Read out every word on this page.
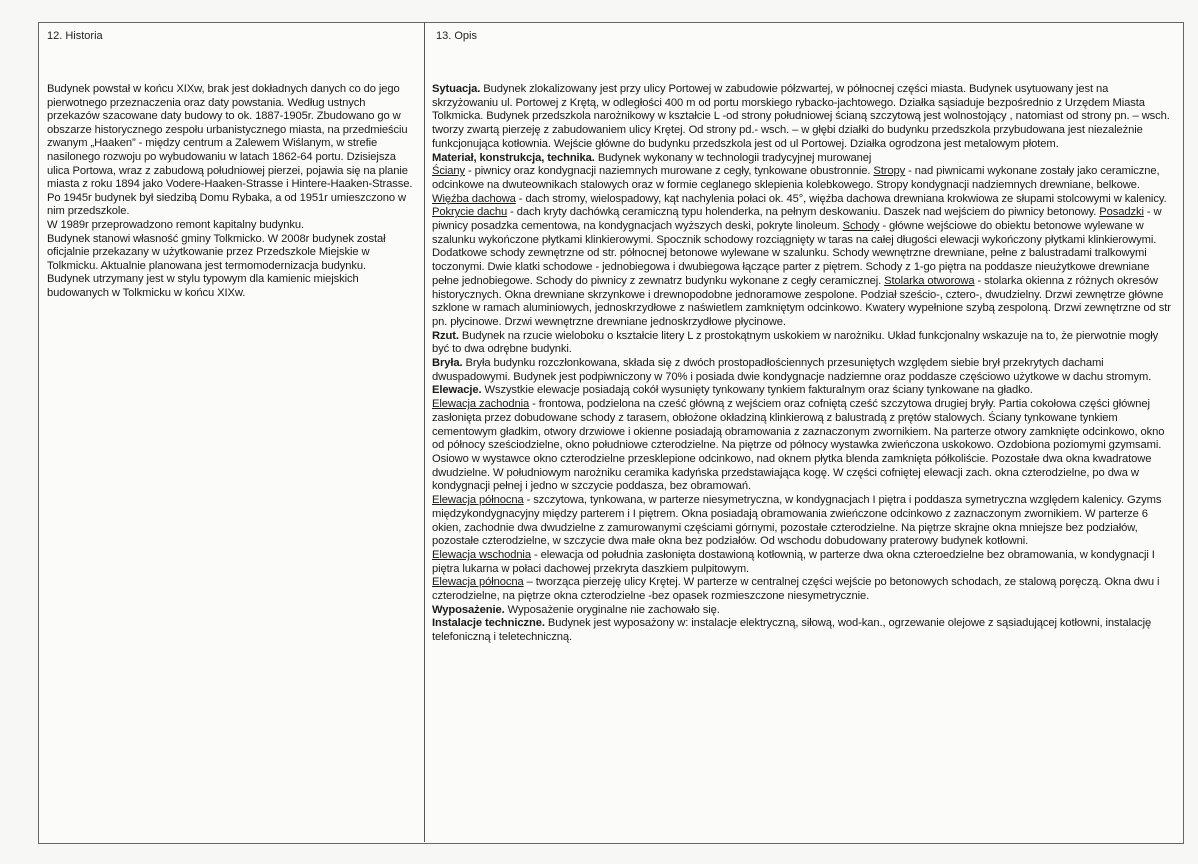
12. Historia	13. Opis

Budynek powstał w końcu XIXw, brak jest dokładnych danych co do jego pierwotnego przeznaczenia oraz daty powstania. Według ustnych przekazów szacowane daty budowy to ok. 1887-1905r. Zbudowano go w obszarze historycznego zespołu urbanistycznego miasta, na przedmieściu zwanym „Haaken” - między centrum a Zalewem Wiślanym, w strefie nasilonego rozwoju po wybudowaniu w latach 1862-64 portu. Dzisiejsza ulica Portowa, wraz z zabudową południowej pierzei, pojawia się na planie miasta z roku 1894 jako Vodere-Haaken-Strasse i Hintere-Haaken-Strasse. Po 1945r budynek był siedzibą Domu Rybaka, a od 1951r umieszczono w nim przedszkole.

W 1989r przeprowadzono remont kapitalny budynku.

Budynek stanowi własność gminy Tolkmicko. W 2008r budynek został oficjalnie przekazany w użytkowanie przez Przedszkole Miejskie w Tolkmicku. Aktualnie planowana jest termomodernizacja budynku.

Budynek utrzymany jest w stylu typowym dla kamienic miejskich budowanych w Tolkmicku w końcu XIXw.

Sytuacja. Budynek zlokalizowany jest przy ulicy Portowej w zabudowie półzwartej, w północnej części miasta. Budynek usytuowany jest na skrzyżowaniu ul. Portowej z Krętą, w odległości 400 m od portu morskiego rybacko-jachtowego. Działka sąsiaduje bezpośrednio z Urzędem Miasta Tolkmicka. Budynek przedszkola narożnikowy w kształcie L -od strony południowej ścianą szczytową jest wolnostojący , natomiast od strony pn. – wsch. tworzy zwartą pierzeję z zabudowaniem ulicy Krętej. Od strony pd.- wsch. – w głębi działki do budynku przedszkola przybudowana jest niezależnie funkcjonująca kotłownia. Wejście główne do budynku przedszkola jest od ul Portowej. Działka ogrodzona jest metalowym płotem.

Materiał, konstrukcja, technika. Budynek wykonany w technologii tradycyjnej murowanej

Ściany - piwnicy oraz kondygnacji naziemnych murowane z cegły, tynkowane obustronnie. Stropy - nad piwnicami wykonane zostały jako ceramiczne, odcinkowe na dwuteownikach stalowych oraz w formie ceglanego sklepienia kolebkowego. Stropy kondygnacji nadziemnych drewniane, belkowe. Więźba dachowa - dach stromy, wielospadowy, kąt nachylenia połaci ok. 45°, więźba dachowa drewniana krokwiowa ze słupami stolcowymi w kalenicy. Pokrycie dachu - dach kryty dachówką ceramiczną typu holenderka, na pełnym deskowaniu. Daszek nad wejściem do piwnicy betonowy. Posadzki - w piwnicy posadzka cementowa, na kondygnacjach wyższych deski, pokryte linoleum. Schody - główne wejściowe do obiektu betonowe wylewane w szalunku wykończone płytkami klinkierowymi. Spocznik schodowy rozciągnięty w taras na całej długości elewacji wykończony płytkami klinkierowymi. Dodatkowe schody zewnętrzne od str. północnej betonowe wylewane w szalunku. Schody wewnętrzne drewniane, pełne z balustradami tralkowymi toczonymi. Dwie klatki schodowe - jednobiegowa i dwubiegowa łączące parter z piętrem. Schody z 1-go piętra na poddasze nieużytkowe drewniane pełne jednobiegowe. Schody do piwnicy z zewnatrz budynku wykonane z cegły ceramicznej. Stolarka otworowa - stolarka okienna z różnych okresów historycznych. Okna drewniane skrzynkowe i drewnopodobne jednoramowe zespolone. Podział sześcio-, cztero-, dwudzielny. Drzwi zewnętrze główne szklone w ramach aluminiowych, jednoskrzydłowe z naświetlem zamkniętym odcinkowo. Kwatery wypełnione szybą zespoloną. Drzwi zewnętrzne od str pn. płycinowe. Drzwi wewnętrzne drewniane jednoskrzydłowe płycinowe.

Rzut. Budynek na rzucie wieloboku o kształcie litery L z prostokątnym uskokiem w narożniku. Układ funkcjonalny wskazuje na to, że pierwotnie mogły być to dwa odrębne budynki.

Bryła. Bryła budynku rozczłonkowana, składa się z dwóch prostopadłościennych przesuniętych względem siebie brył przekrytych dachami dwuspadowymi. Budynek jest podpiwniczony w 70% i posiada dwie kondygnacje nadziemne oraz poddasze częściowo użytkowe w dachu stromym.

Elewacje. Wszystkie elewacje posiadają cokół wysunięty tynkowany tynkiem fakturalnym oraz ściany tynkowane na gładko.

Elewacja zachodnia - frontowa, podzielona na cześć główną z wejściem oraz cofniętą cześć szczytowa drugiej bryły. Partia cokołowa części głównej zasłonięta przez dobudowane schody z tarasem, obłożone okładziną klinkierową z balustradą z prętów stalowych. Ściany tynkowane tynkiem cementowym gładkim, otwory drzwiowe i okienne posiadają obramowania z zaznaczonym zwornikiem. Na parterze otwory zamknięte odcinkowo, okno od północy sześciodzielne, okno południowe czterodzielne. Na piętrze od północy wystawka zwieńczona uskokowo. Ozdobiona poziomymi gzymsami. Osiowo w wystawce okno czterodzielne przesklepione odcinkowo, nad oknem płytka blenda zamknięta półkoliście. Pozostałe dwa okna kwadratowe dwudzielne. W południowym narożniku ceramika kadyńska przedstawiająca kogę. W części cofniętej elewacji zach. okna czterodzielne, po dwa w kondygnacji pełnej i jedno w szczycie poddasza, bez obramowań.

Elewacja północna - szczytowa, tynkowana, w parterze niesymetryczna, w kondygnacjach I piętra i poddasza symetryczna względem kalenicy. Gzyms międzykondygnacyjny między parterem i I piętrem. Okna posiadają obramowania zwieńczone odcinkowo z zaznaczonym zwornikiem. W parterze 6 okien, zachodnie dwa dwudzielne z zamurowanymi częściami górnymi, pozostałe czterodzielne. Na piętrze skrajne okna mniejsze bez podziałów, pozostałe czterodzielne, w szczycie dwa małe okna bez podziałów. Od wschodu dobudowany praterowy budynek kotłowni.

Elewacja wschodnia - elewacja od południa zasłonięta dostawioną kotłownią, w parterze dwa okna czteroedzielne bez obramowania, w kondygnacji I piętra lukarna w połaci dachowej przekryta daszkiem pulpitowym.

Elewacja północna – tworząca pierzeję ulicy Krętej. W parterze w centralnej części wejście po betonowych schodach, ze stalową poręczą. Okna dwu i czterodzielne, na piętrze okna czterodzielne -bez opasek rozmieszczone niesymetrycznie.

Wyposażenie. Wyposażenie oryginalne nie zachowało się.

Instalacje techniczne. Budynek jest wyposażony w: instalacje elektryczną, siłową, wod-kan., ogrzewanie olejowe z sąsiadującej kotłowni, instalację telefoniczną i teletechniczną.
